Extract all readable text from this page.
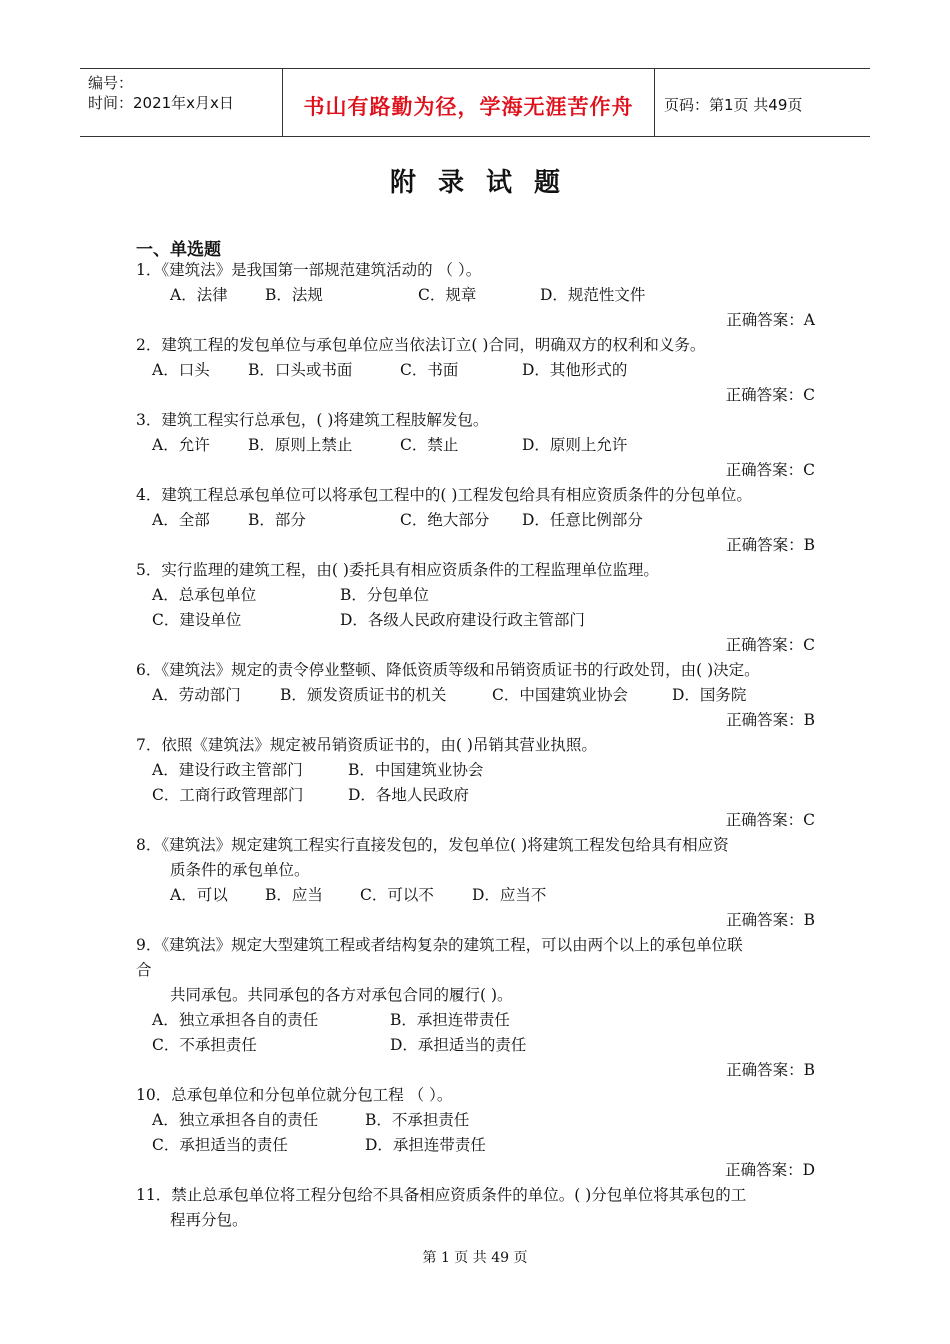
编号：
时间：2021年x月x日	书山有路勤为径，学海无涯苦作舟	页码：第1页 共49页
附录试题
一、单选题
1．《建筑法》是我国第一部规范建筑活动的 （ ）。
A．法律 B．法规	C．规章	D．规范性文件
正确答案：A
2．建筑工程的发包单位与承包单位应当依法订立( )合同，明确双方的权利和义务。
A．口头 B．口头或书面	C．书面	D．其他形式的
正确答案：C
3．建筑工程实行总承包，( )将建筑工程肢解发包。
A．允许 B．原则上禁止	C．禁止	D．原则上允许
正确答案：C
4．建筑工程总承包单位可以将承包工程中的( )工程发包给具有相应资质条件的分包单位。
A．全部 B．部分	C．绝大部分 D．任意比例部分
正确答案：B
5．实行监理的建筑工程，由( )委托具有相应资质条件的工程监理单位监理。
A．总承包单位	B．分包单位
C．建设单位	D．各级人民政府建设行政主管部门
正确答案：C
6．《建筑法》规定的责令停业整顿、降低资质等级和吊销资质证书的行政处罚，由( )决定。
A．劳动部门	B．颁发资质证书的机关	C．中国建筑业协会	D．国务院
正确答案：B
7．依照《建筑法》规定被吊销资质证书的，由( )吊销其营业执照。
A．建设行政主管部门	B．中国建筑业协会
C．工商行政管理部门	D．各地人民政府
正确答案：C
8．《建筑法》规定建筑工程实行直接发包的，发包单位( )将建筑工程发包给具有相应资
质条件的承包单位。
A．可以 B．应当 C．可以不 D．应当不
正确答案：B
9．《建筑法》规定大型建筑工程或者结构复杂的建筑工程，可以由两个以上的承包单位联
合
共同承包。共同承包的各方对承包合同的履行( )。
A．独立承担各自的责任	B．承担连带责任
C．不承担责任	D．承担适当的责任
正确答案：B
10．总承包单位和分包单位就分包工程 （ ）。
A．独立承担各自的责任	B．不承担责任
C．承担适当的责任	D．承担连带责任
正确答案：D
11．禁止总承包单位将工程分包给不具备相应资质条件的单位。( )分包单位将其承包的工
程再分包。
第 1 页 共 49 页
